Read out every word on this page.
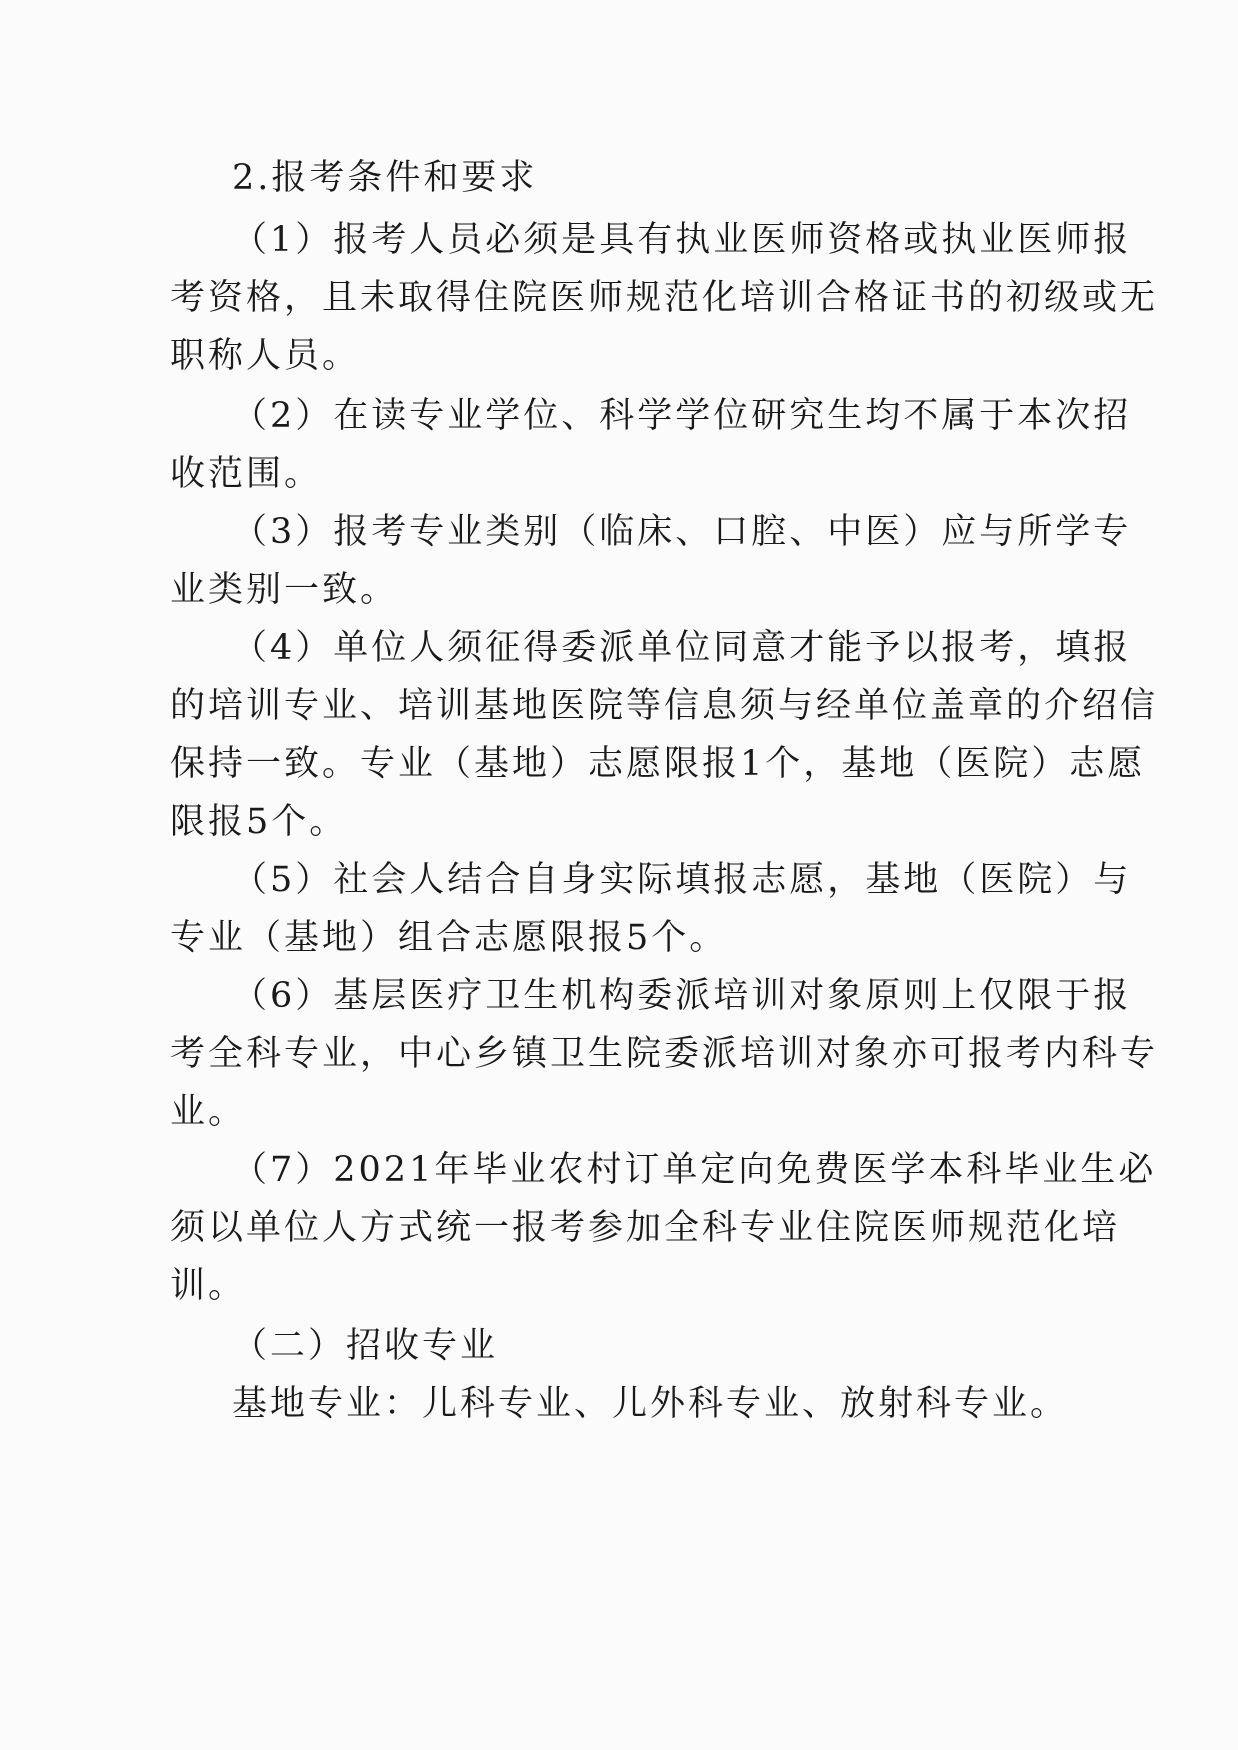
2.报考条件和要求

（1）报考人员必须是具有执业医师资格或执业医师报
考资格，且未取得住院医师规范化培训合格证书的初级或无
职称人员。

（2）在读专业学位、科学学位研究生均不属于本次招
收范围。

（3）报考专业类别（临床、口腔、中医）应与所学专
业类别一致。

（4）单位人须征得委派单位同意才能予以报考，填报
的培训专业、培训基地医院等信息须与经单位盖章的介绍信
保持一致。专业（基地）志愿限报1个，基地（医院）志愿
限报5个。

（5）社会人结合自身实际填报志愿，基地（医院）与
专业（基地）组合志愿限报5个。

（6）基层医疗卫生机构委派培训对象原则上仅限于报
考全科专业，中心乡镇卫生院委派培训对象亦可报考内科专
业。

（7）2021年毕业农村订单定向免费医学本科毕业生必
须以单位人方式统一报考参加全科专业住院医师规范化培
训。

（二）招收专业

基地专业：儿科专业、儿外科专业、放射科专业。
